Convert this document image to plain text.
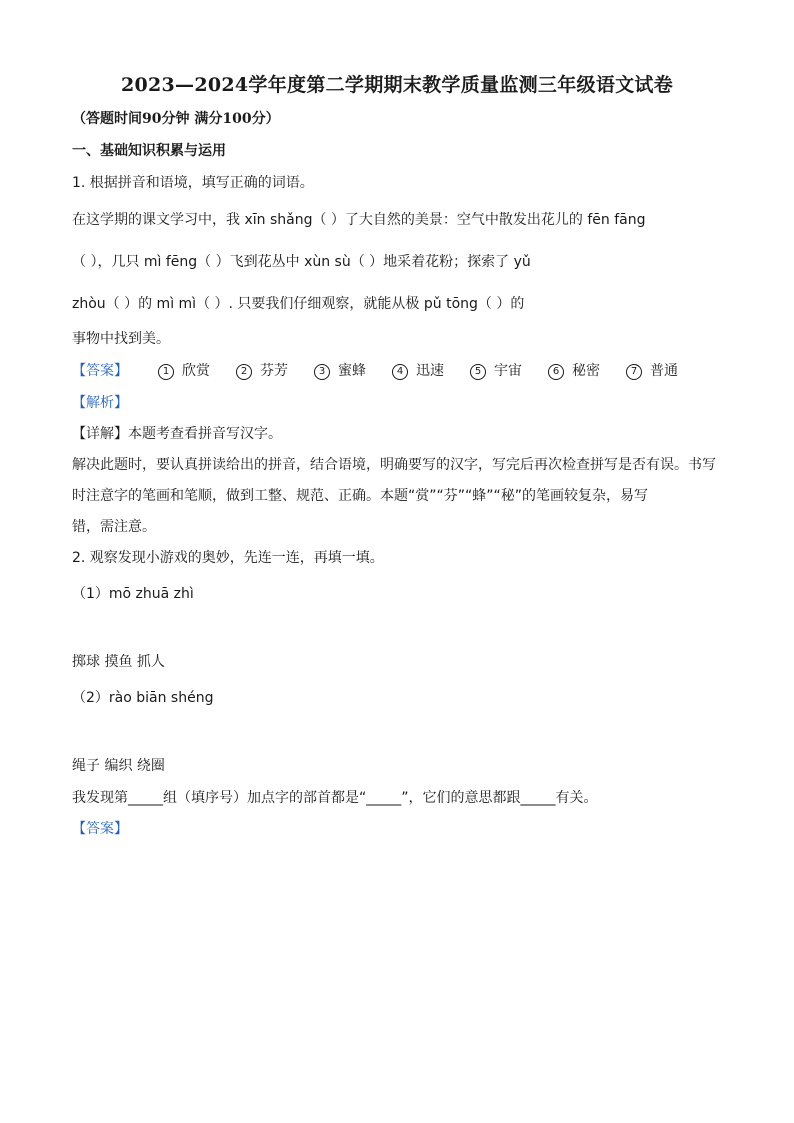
2023—2024学年度第二学期期末教学质量监测三年级语文试卷
（答题时间90分钟 满分100分）
一、基础知识积累与运用
1. 根据拼音和语境，填写正确的词语。
在这学期的课文学习中，我 xīn shǎng（ ）了大自然的美景：空气中散发出花儿的 fēn fāng
（ ），几只 mì fēng（ ）飞到花丛中 xùn sù（ ）地采着花粉；探索了 yǔ
zhòu（ ）的 mì mì（ ）. 只要我们仔细观察，就能从极 pǔ tōng（ ）的
事物中找到美。
【答案】	1 欣赏	2 芬芳	3 蜜蜂	4 迅速	5 宇宙	6 秘密	7 普通
【解析】
【详解】本题考查看拼音写汉字。
解决此题时，要认真拼读给出的拼音，结合语境，明确要写的汉字，写完后再次检查拼写是否有误。书写
时注意字的笔画和笔顺，做到工整、规范、正确。本题“赏”“芬”“蜂”“秘”的笔画较复杂，易写
错，需注意。
2. 观察发现小游戏的奥妙，先连一连，再填一填。
（1）mō zhuā zhì
掷球 摸鱼 抓人
（2）rào biān shéng
绳子 编织 绕圈
我发现第_____组（填序号）加点字的部首都是“_____”，它们的意思都跟_____有关。
【答案】
